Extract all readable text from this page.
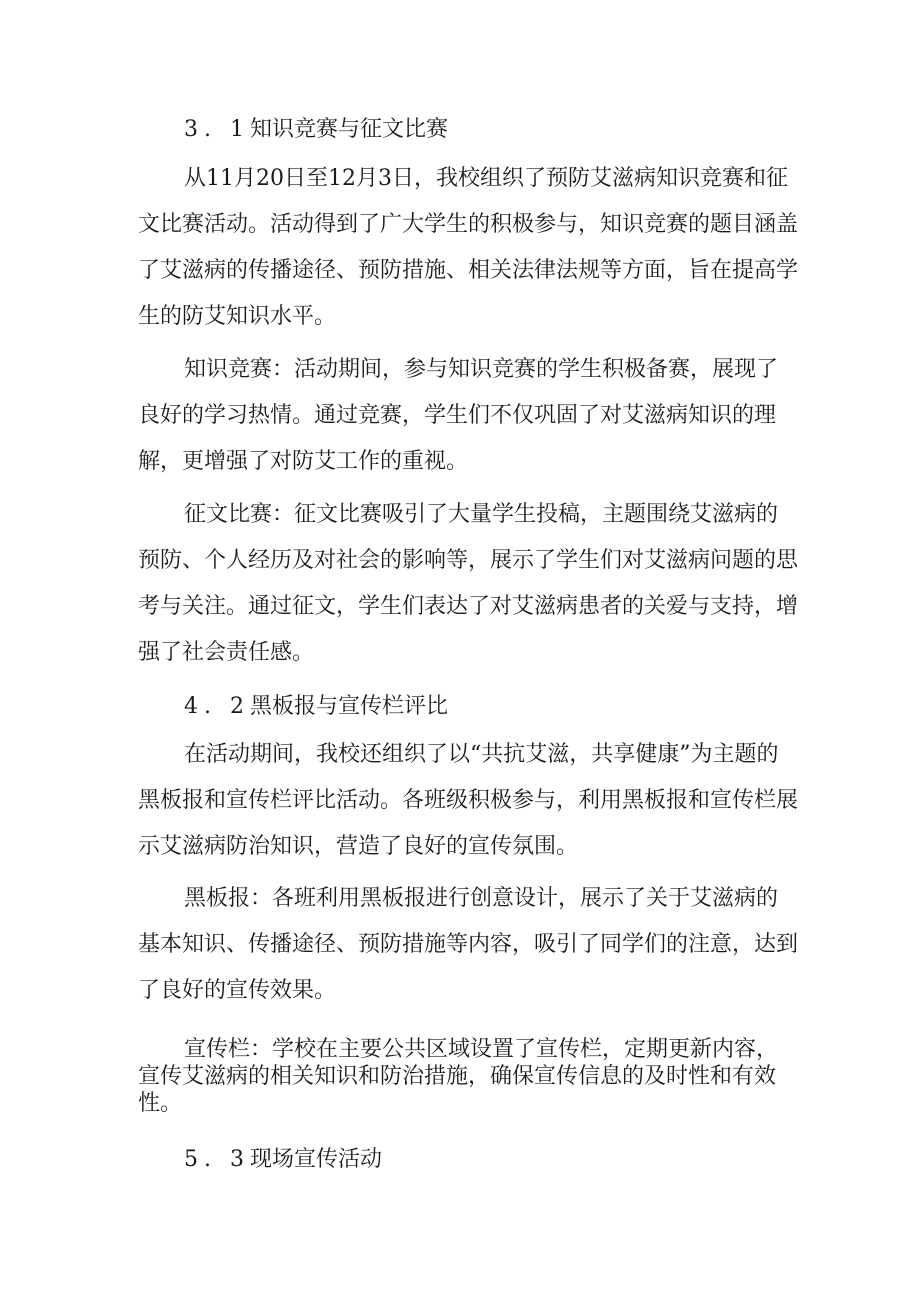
3. 1知识竞赛与征文比赛

从11月20日至12月3日，我校组织了预防艾滋病知识竞赛和征文比赛活动。活动得到了广大学生的积极参与，知识竞赛的题目涵盖了艾滋病的传播途径、预防措施、相关法律法规等方面，旨在提高学生的防艾知识水平。

知识竞赛：活动期间，参与知识竞赛的学生积极备赛，展现了良好的学习热情。通过竞赛，学生们不仅巩固了对艾滋病知识的理解，更增强了对防艾工作的重视。

征文比赛：征文比赛吸引了大量学生投稿，主题围绕艾滋病的预防、个人经历及对社会的影响等，展示了学生们对艾滋病问题的思考与关注。通过征文，学生们表达了对艾滋病患者的关爱与支持，增强了社会责任感。

4. 2黑板报与宣传栏评比

在活动期间，我校还组织了以“共抗艾滋，共享健康”为主题的黑板报和宣传栏评比活动。各班级积极参与，利用黑板报和宣传栏展示艾滋病防治知识，营造了良好的宣传氛围。

黑板报：各班利用黑板报进行创意设计，展示了关于艾滋病的基本知识、传播途径、预防措施等内容，吸引了同学们的注意，达到了良好的宣传效果。

宣传栏：学校在主要公共区域设置了宣传栏，定期更新内容，宣传艾滋病的相关知识和防治措施，确保宣传信息的及时性和有效性。

5. 3现场宣传活动
